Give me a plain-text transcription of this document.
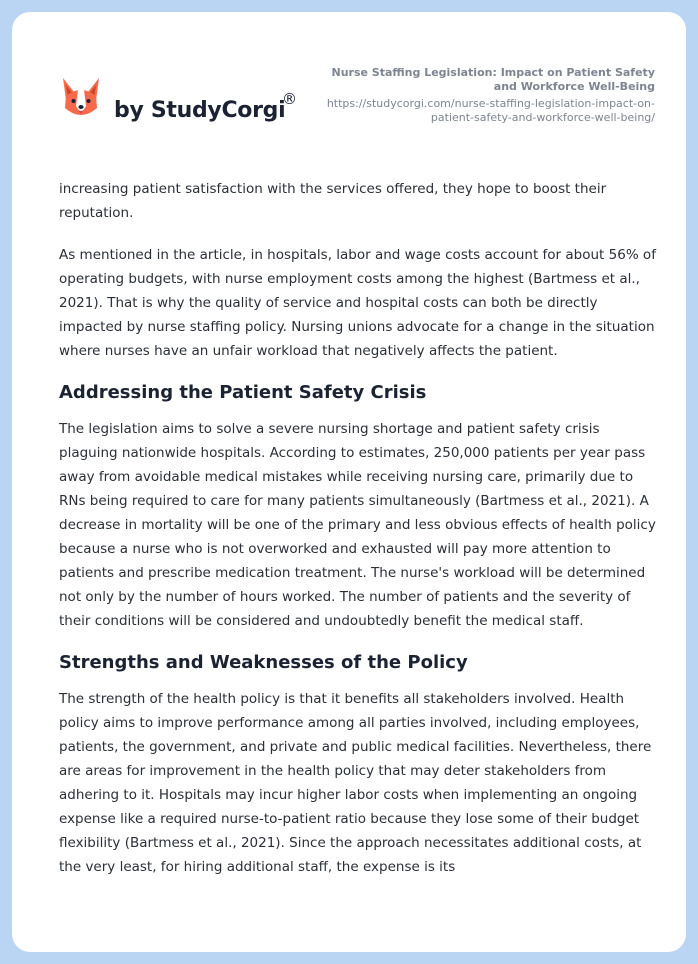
by StudyCorgi
®
Nurse Staffing Legislation: Impact on Patient Safety and Workforce Well-Being
https://studycorgi.com/nurse-staffing-legislation-impact-on-patient-safety-and-workforce-well-being/

increasing patient satisfaction with the services offered, they hope to boost their reputation.

As mentioned in the article, in hospitals, labor and wage costs account for about 56% of operating budgets, with nurse employment costs among the highest (Bartmess et al., 2021). That is why the quality of service and hospital costs can both be directly impacted by nurse staffing policy. Nursing unions advocate for a change in the situation where nurses have an unfair workload that negatively affects the patient.

Addressing the Patient Safety Crisis

The legislation aims to solve a severe nursing shortage and patient safety crisis plaguing nationwide hospitals. According to estimates, 250,000 patients per year pass away from avoidable medical mistakes while receiving nursing care, primarily due to RNs being required to care for many patients simultaneously (Bartmess et al., 2021). A decrease in mortality will be one of the primary and less obvious effects of health policy because a nurse who is not overworked and exhausted will pay more attention to patients and prescribe medication treatment. The nurse's workload will be determined not only by the number of hours worked. The number of patients and the severity of their conditions will be considered and undoubtedly benefit the medical staff.

Strengths and Weaknesses of the Policy

The strength of the health policy is that it benefits all stakeholders involved. Health policy aims to improve performance among all parties involved, including employees, patients, the government, and private and public medical facilities. Nevertheless, there are areas for improvement in the health policy that may deter stakeholders from adhering to it. Hospitals may incur higher labor costs when implementing an ongoing expense like a required nurse-to-patient ratio because they lose some of their budget flexibility (Bartmess et al., 2021). Since the approach necessitates additional costs, at the very least, for hiring additional staff, the expense is its
